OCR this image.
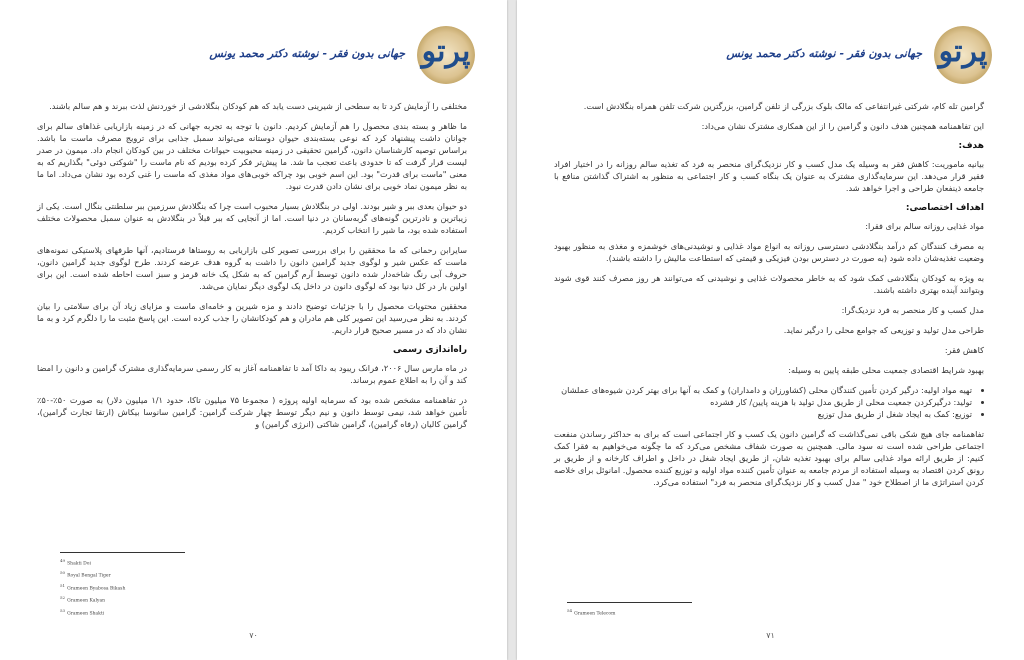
پرتو
جهانی بدون فقر - نوشته دکتر محمد یونس

مختلفی را آزمایش کرد تا به سطحی از شیرینی دست یابد که هم کودکان بنگلادشی از خوردنش لذت ببرند و هم سالم باشند.

ما ظاهر و بسته بندی محصول را هم آزمایش کردیم. دانون با توجه به تجربه جهانی که در زمینه بازاریابی غذاهای سالم برای جوانان داشت پیشنهاد کرد که نوعی بسته‌بندی حیوان دوستانه می‌تواند سمبل جذابی برای ترویج مصرف ماست ما باشد. براساس توصیه کارشناسان دانون، گرامین تحقیقی در زمینه محبوبیت حیوانات مختلف در بین کودکان انجام داد. میمون در صدر لیست قرار گرفت که تا حدودی باعث تعجب ما شد. ما پیش‌تر فکر کرده بودیم که نام ماست را "شوکتی دوئی" بگذاریم که به معنی "ماست برای قدرت" بود. این اسم خوبی بود چراکه خوبی‌های مواد مغذی که ماست را غنی کرده بود نشان می‌داد. اما ما به نظر میمون نماد خوبی برای نشان دادن قدرت نبود.

دو حیوان بعدی ببر و شیر بودند. اولی در بنگلادش بسیار محبوب است چرا که بنگلادش سرزمین ببر سلطنتی بنگال است. یکی از زیباترین و نادرترین گونه‌های گربه‌سانان در دنیا است. اما از آنجایی که ببر قبلاً در بنگلادش به عنوان سمبل محصولات مختلف استفاده شده بود، ما شیر را انتخاب کردیم.

سایرابن رحمانی که ما محققین را برای بررسی تصویر کلی بازاریابی به روستاها فرستادیم، آنها طرفهای پلاستیکی نمونه‌های ماست که عکس شیر و لوگوی جدید گرامین دانون را داشت به گروه هدف عرضه کردند. طرح لوگوی جدید گرامین دانون، حروف آبی رنگ شاخه‌دار شده دانون توسط آرم گرامین که به شکل یک خانه قرمز و سبز است احاطه شده است. این برای اولین بار در کل دنیا بود که لوگوی دانون در داخل یک لوگوی دیگر نمایان می‌شد.

محققین محتویات محصول را با جزئیات توضیح دادند و مزه شیرین و خامه‌ای ماست و مزایای زیاد آن برای سلامتی را بیان کردند. به نظر می‌رسید این تصویر کلی هم مادران و هم کودکانشان را جذب کرده است. این پاسخ مثبت ما را دلگرم کرد و به ما نشان داد که در مسیر صحیح قرار داریم.

راه‌اندازی رسمی

در ماه مارس سال ۲۰۰۶، فرانک ریبود به داکا آمد تا تفاهمنامه آغاز به کار رسمی سرمایه‌گذاری مشترک گرامین و دانون را امضا کند و آن را به اطلاع عموم برساند.

در تفاهمنامه مشخص شده بود که سرمایه اولیه پروژه ( مجموعا ۷۵ میلیون تاکا، حدود ۱/۱ میلیون دلار) به صورت ۵۰٪-۵۰٪ تأمین خواهد شد، نیمی توسط دانون و نیم دیگر توسط چهار شرکت گرامین: گرامین سانوسا بیکاش (ارتقا تجارت گرامین)، گرامین کالیان (رفاه گرامین)، گرامین شاکتی (انرژی گرامین) و

$^{49}$Shakti Doi
$^{50}$Royal Bengal Tiger
$^{51}$Grameen Byabosa Bikash
$^{52}$Grameen Kalyan
$^{53}$Grameen Shakti
۷۰
پرتو
جهانی بدون فقر - نوشته دکتر محمد یونس

گرامین تله کام، شرکتی غیرانتفاعی که مالک بلوک بزرگی از تلفن گرامین، بزرگترین شرکت تلفن همراه بنگلادش است.

این تفاهمنامه همچنین هدف دانون و گرامین را از این همکاری مشترک نشان می‌داد:

هدف:

بیانیه ماموریت: کاهش فقر به وسیله یک مدل کسب و کار نزدیک‌گرای منحصر به فرد که تغذیه سالم روزانه را در اختیار افراد فقیر قرار می‌دهد. این سرمایه‌گذاری مشترک به عنوان یک بنگاه کسب و کار اجتماعی به منظور به اشتراک گذاشتن منافع با جامعه ذینفعان طراحی و اجرا خواهد شد.

اهداف اختصاصی:

مواد غذایی روزانه سالم برای فقرا:

به مصرف کنندگان کم درآمد بنگلادشی دسترسی روزانه به انواع مواد غذایی و نوشیدنی‌های خوشمزه و مغذی به منظور بهبود وضعیت تغذیه‌شان داده شود (به صورت در دسترس بودن فیزیکی و قیمتی که استطاعت مالیش را داشته باشند).

به ویژه به کودکان بنگلادشی کمک شود که به خاطر محصولات غذایی و نوشیدنی که می‌توانند هر روز مصرف کنند قوی شوند وبتوانند آینده بهتری داشته باشند.

مدل کسب و کار منحصر به فرد نزدیک‌گرا:

طراحی مدل تولید و توزیعی که جوامع محلی را درگیر نماید.

کاهش فقر:

بهبود شرایط اقتصادی جمعیت محلی طبقه پایین به وسیله:

• تهیه مواد اولیه: درگیر کردن تأمین کنندگان محلی (کشاورزان و دامداران) و کمک به آنها برای بهتر کردن شیوه‌های عملشان
• تولید: درگیرکردن جمعیت محلی از طریق مدل تولید با هزینه پایین/ کار فشرده
• توزیع: کمک به ایجاد شغل از طریق مدل توزیع

تفاهمنامه جای هیچ شکی باقی نمی‌گذاشت که گرامین دانون یک کسب و کار اجتماعی است که برای به حداکثر رساندن منفعت اجتماعی طراحی شده است نه سود مالی. همچنین به صورت شفاف مشخص می‌کرد که ما چگونه می‌خواهیم به فقرا کمک کنیم: از طریق ارائه مواد غذایی سالم برای بهبود تغذیه شان، از طریق ایجاد شغل در داخل و اطراف کارخانه و از طریق بر رونق کردن اقتصاد به وسیله استفاده از مردم جامعه به عنوان تأمین کننده مواد اولیه و توزیع کننده محصول. امانوئل برای خلاصه کردن استراتژی ما از اصطلاح خود " مدل کسب و کار نزدیک‌گرای منحصر به فرد" استفاده می‌کرد.

$^{54}$Grameen Telecom
۷۱
